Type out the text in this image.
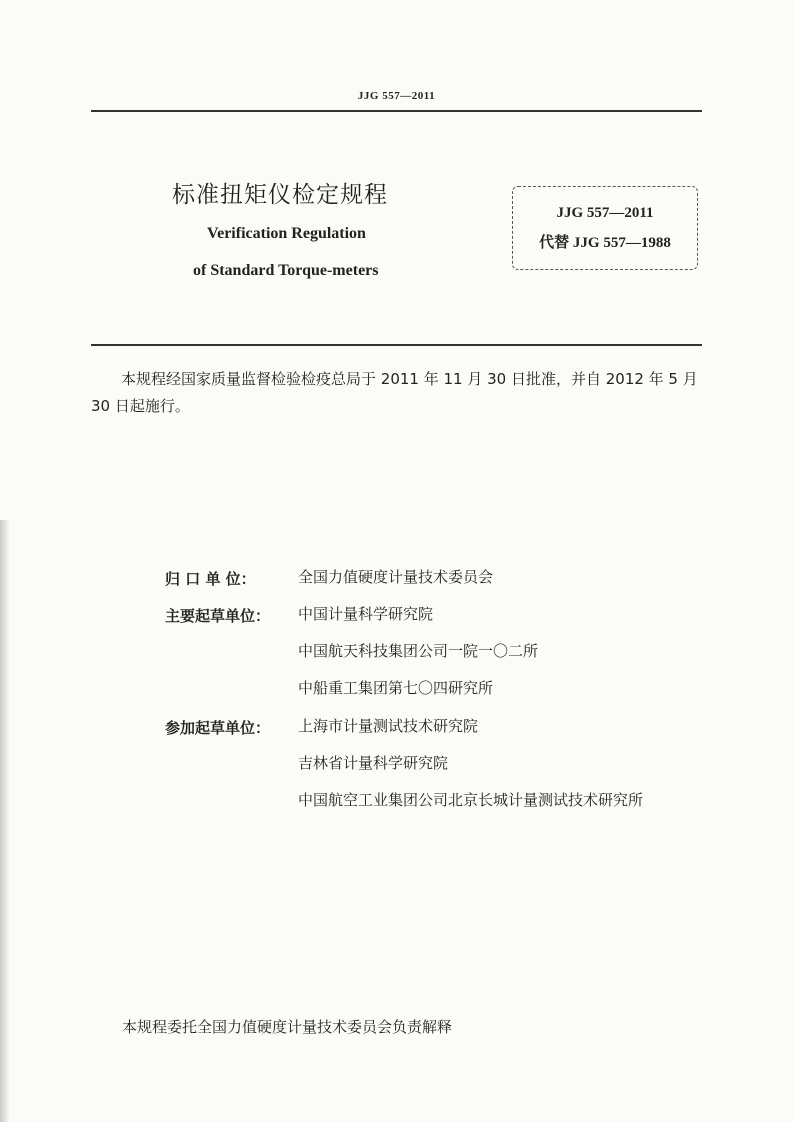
JJG 557—2011
标准扭矩仪检定规程
Verification Regulation
of Standard Torque-meters
JJG 557—2011
代替 JJG 557—1988

本规程经国家质量监督检验检疫总局于 2011 年 11 月 30 日批准，并自 2012 年 5 月 30 日起施行。

归 口 单 位：	全国力值硬度计量技术委员会
主要起草单位：	中国计量科学研究院
中国航天科技集团公司一院一〇二所
中船重工集团第七〇四研究所
参加起草单位：	上海市计量测试技术研究院
吉林省计量科学研究院
中国航空工业集团公司北京长城计量测试技术研究所
本规程委托全国力值硬度计量技术委员会负责解释
